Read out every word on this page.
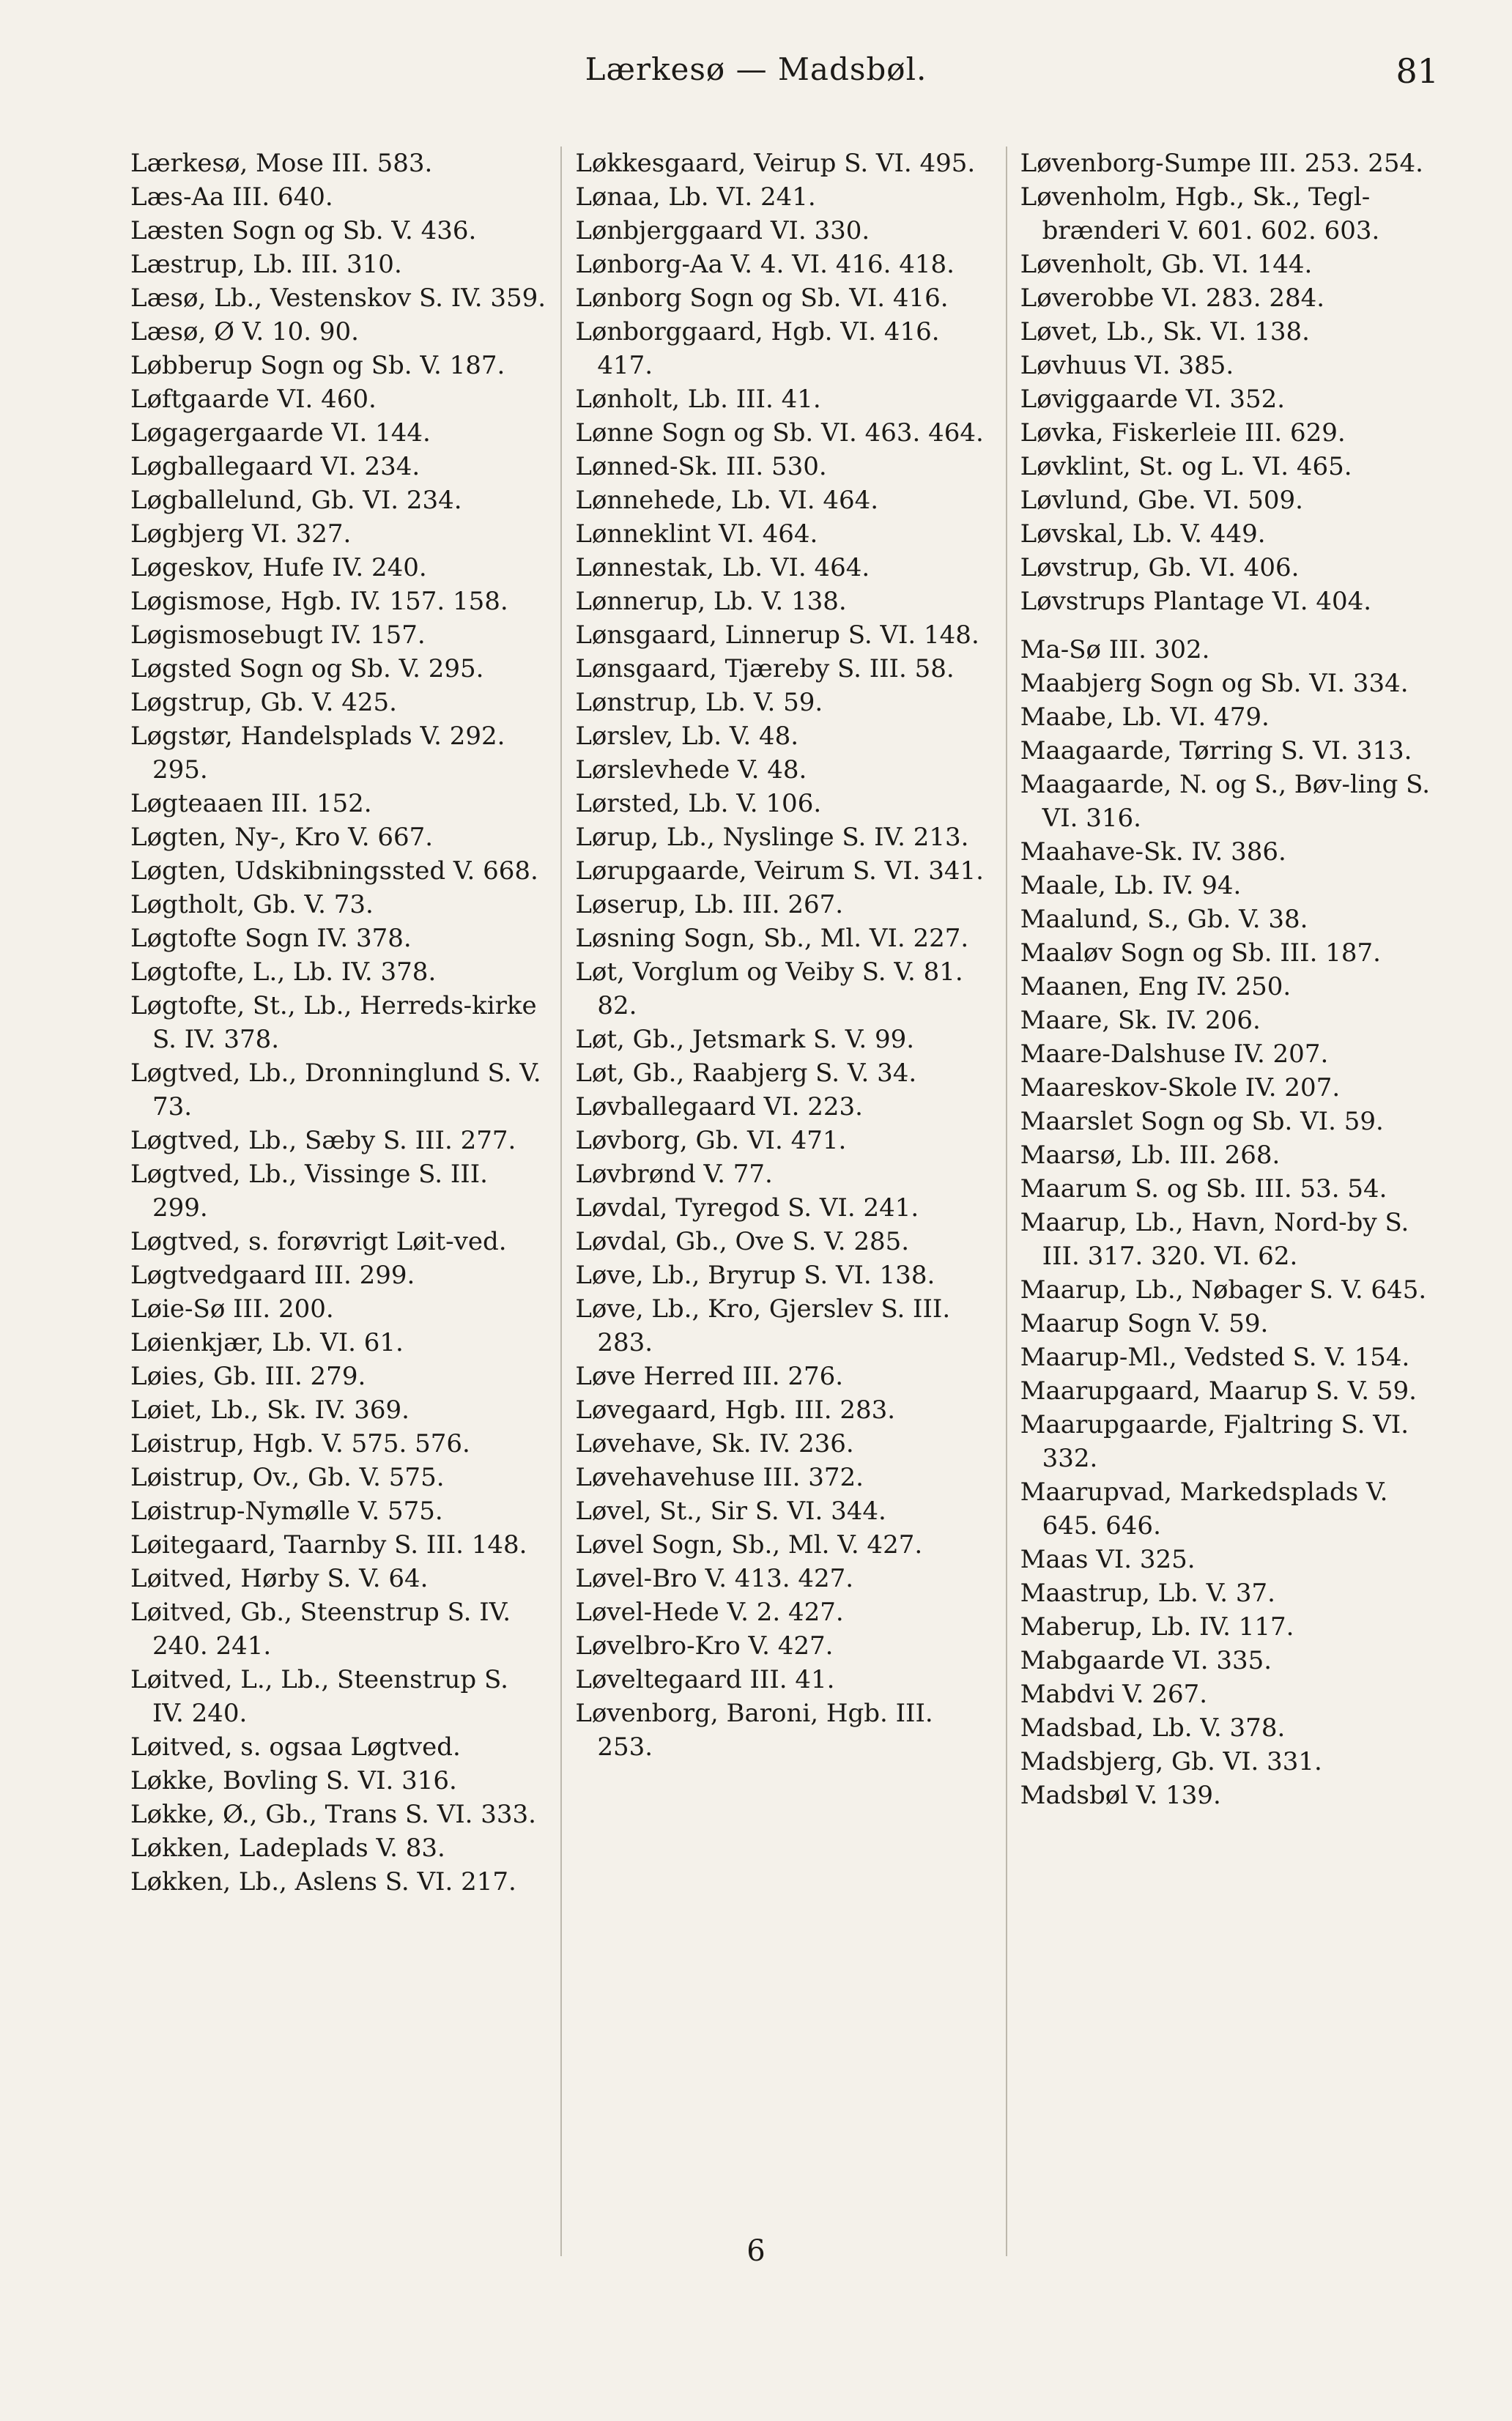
Lærkesø — Madsbøl.	81

Lærkesø, Mose III. 583.

Læs-Aa III. 640.

Læsten Sogn og Sb. V. 436.

Læstrup, Lb. III. 310.

Læsø, Lb., Vestenskov S. IV. 359.

Læsø, Ø V. 10. 90.

Løbberup Sogn og Sb. V. 187.

Løftgaarde VI. 460.

Løgagergaarde VI. 144.

Løgballegaard VI. 234.

Løgballelund, Gb. VI. 234.

Løgbjerg VI. 327.

Løgeskov, Hufe IV. 240.

Løgismose, Hgb. IV. 157. 158.

Løgismosebugt IV. 157.

Løgsted Sogn og Sb. V. 295.

Løgstrup, Gb. V. 425.

Løgstør, Handelsplads V. 292. 295.

Løgteaaen III. 152.

Løgten, Ny-, Kro V. 667.

Løgten, Udskibningssted V. 668.

Løgtholt, Gb. V. 73.

Løgtofte Sogn IV. 378.

Løgtofte, L., Lb. IV. 378.

Løgtofte, St., Lb., Herreds-kirke S. IV. 378.

Løgtved, Lb., Dronninglund S. V. 73.

Løgtved, Lb., Sæby S. III. 277.

Løgtved, Lb., Vissinge S. III. 299.

Løgtved, s. forøvrigt Løit-ved.

Løgtvedgaard III. 299.

Løie-Sø III. 200.

Løienkjær, Lb. VI. 61.

Løies, Gb. III. 279.

Løiet, Lb., Sk. IV. 369.

Løistrup, Hgb. V. 575. 576.

Løistrup, Ov., Gb. V. 575.

Løistrup-Nymølle V. 575.

Løitegaard, Taarnby S. III. 148.

Løitved, Hørby S. V. 64.

Løitved, Gb., Steenstrup S. IV. 240. 241.

Løitved, L., Lb., Steenstrup S. IV. 240.

Løitved, s. ogsaa Løgtved.

Løkke, Bovling S. VI. 316.

Løkke, Ø., Gb., Trans S. VI. 333.

Løkken, Ladeplads V. 83.

Løkken, Lb., Aslens S. VI. 217.

Løkkesgaard, Veirup S. VI. 495.

Lønaa, Lb. VI. 241.

Lønbjerggaard VI. 330.

Lønborg-Aa V. 4. VI. 416. 418.

Lønborg Sogn og Sb. VI. 416.

Lønborggaard, Hgb. VI. 416. 417.

Lønholt, Lb. III. 41.

Lønne Sogn og Sb. VI. 463. 464.

Lønned-Sk. III. 530.

Lønnehede, Lb. VI. 464.

Lønneklint VI. 464.

Lønnestak, Lb. VI. 464.

Lønnerup, Lb. V. 138.

Lønsgaard, Linnerup S. VI. 148.

Lønsgaard, Tjæreby S. III. 58.

Lønstrup, Lb. V. 59.

Lørslev, Lb. V. 48.

Lørslevhede V. 48.

Lørsted, Lb. V. 106.

Lørup, Lb., Nyslinge S. IV. 213.

Lørupgaarde, Veirum S. VI. 341.

Løserup, Lb. III. 267.

Løsning Sogn, Sb., Ml. VI. 227.

Løt, Vorglum og Veiby S. V. 81. 82.

Løt, Gb., Jetsmark S. V. 99.

Løt, Gb., Raabjerg S. V. 34.

Løvballegaard VI. 223.

Løvborg, Gb. VI. 471.

Løvbrønd V. 77.

Løvdal, Tyregod S. VI. 241.

Løvdal, Gb., Ove S. V. 285.

Løve, Lb., Bryrup S. VI. 138.

Løve, Lb., Kro, Gjerslev S. III. 283.

Løve Herred III. 276.

Løvegaard, Hgb. III. 283.

Løvehave, Sk. IV. 236.

Løvehavehuse III. 372.

Løvel, St., Sir S. VI. 344.

Løvel Sogn, Sb., Ml. V. 427.

Løvel-Bro V. 413. 427.

Løvel-Hede V. 2. 427.

Løvelbro-Kro V. 427.

Løveltegaard III. 41.

Løvenborg, Baroni, Hgb. III. 253.

Løvenborg-Sumpe III. 253. 254.

Løvenholm, Hgb., Sk., Tegl-brænderi V. 601. 602. 603.

Løvenholt, Gb. VI. 144.

Løverobbe VI. 283. 284.

Løvet, Lb., Sk. VI. 138.

Løvhuus VI. 385.

Løviggaarde VI. 352.

Løvka, Fiskerleie III. 629.

Løvklint, St. og L. VI. 465.

Løvlund, Gbe. VI. 509.

Løvskal, Lb. V. 449.

Løvstrup, Gb. VI. 406.

Løvstrups Plantage VI. 404.

Ma-Sø III. 302.

Maabjerg Sogn og Sb. VI. 334.

Maabe, Lb. VI. 479.

Maagaarde, Tørring S. VI. 313.

Maagaarde, N. og S., Bøv-ling S. VI. 316.

Maahave-Sk. IV. 386.

Maale, Lb. IV. 94.

Maalund, S., Gb. V. 38.

Maaløv Sogn og Sb. III. 187.

Maanen, Eng IV. 250.

Maare, Sk. IV. 206.

Maare-Dalshuse IV. 207.

Maareskov-Skole IV. 207.

Maarslet Sogn og Sb. VI. 59.

Maarsø, Lb. III. 268.

Maarum S. og Sb. III. 53. 54.

Maarup, Lb., Havn, Nord-by S. III. 317. 320. VI. 62.

Maarup, Lb., Nøbager S. V. 645.

Maarup Sogn V. 59.

Maarup-Ml., Vedsted S. V. 154.

Maarupgaard, Maarup S. V. 59.

Maarupgaarde, Fjaltring S. VI. 332.

Maarupvad, Markedsplads V. 645. 646.

Maas VI. 325.

Maastrup, Lb. V. 37.

Maberup, Lb. IV. 117.

Mabgaarde VI. 335.

Mabdvi V. 267.

Madsbad, Lb. V. 378.

Madsbjerg, Gb. VI. 331.

Madsbøl V. 139.

6
